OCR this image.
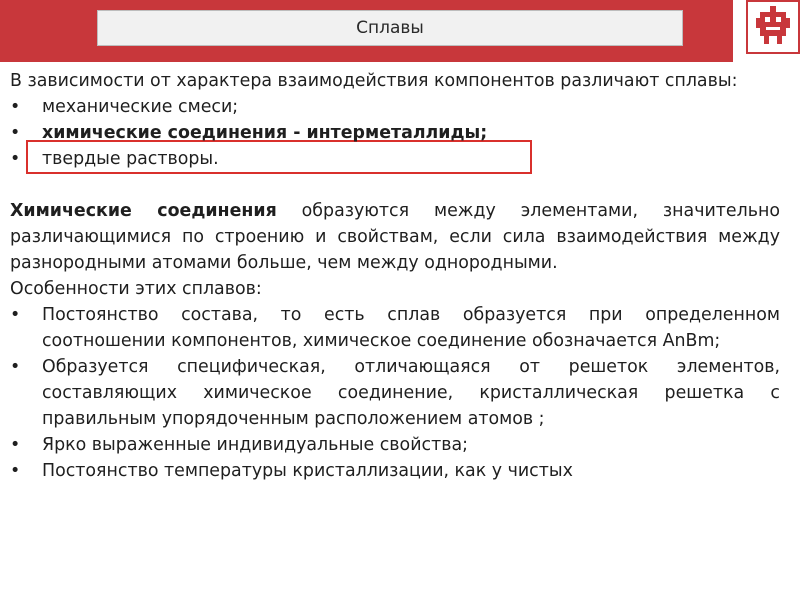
Сплавы

В зависимости от характера взаимодействия компонентов различают сплавы:

•	механические смеси;
•	химические соединения - интерметаллиды;
•	твердые растворы.

Химические соединения образуются между элементами, значительно различающимися по строению и свойствам, если сила взаимодействия между разнородными атомами больше, чем между однородными.

Особенности этих сплавов:

•	Постоянство состава, то есть сплав образуется при определенном соотношении компонентов, химическое соединение обозначается AnBm;
•	Образуется специфическая, отличающаяся от решеток элементов, составляющих химическое соединение, кристаллическая решетка с правильным упорядоченным расположением атомов ;
•	Ярко выраженные индивидуальные свойства;
•	Постоянство температуры кристаллизации, как у чистых
